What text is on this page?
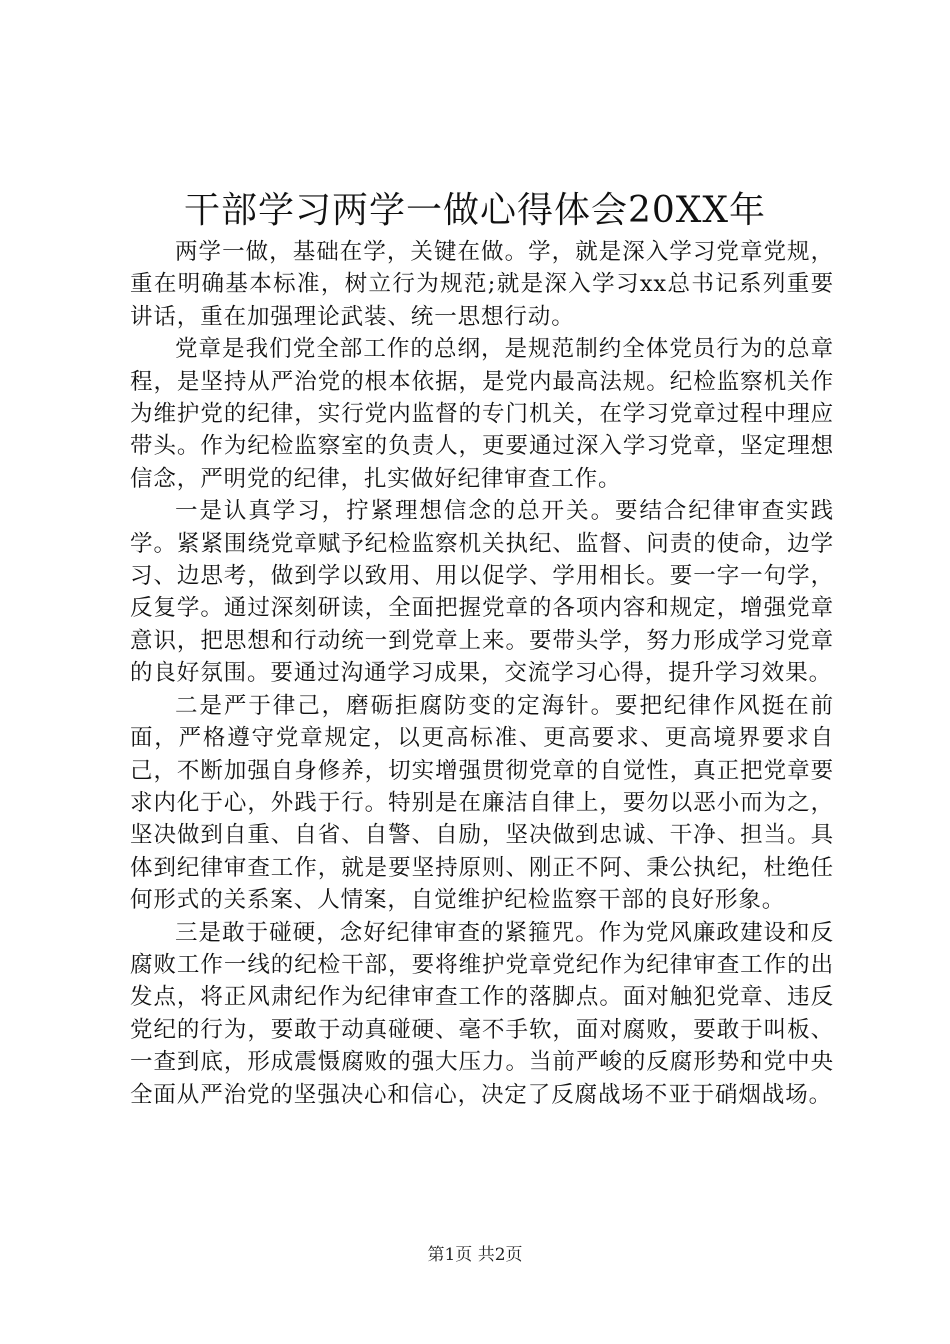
干部学习两学一做心得体会20XX年

两学一做，基础在学，关键在做。学，就是深入学习党章党规，重在明确基本标准，树立行为规范;就是深入学习xx总书记系列重要讲话，重在加强理论武装、统一思想行动。

党章是我们党全部工作的总纲，是规范制约全体党员行为的总章程，是坚持从严治党的根本依据，是党内最高法规。纪检监察机关作为维护党的纪律，实行党内监督的专门机关，在学习党章过程中理应带头。作为纪检监察室的负责人，更要通过深入学习党章，坚定理想信念，严明党的纪律，扎实做好纪律审查工作。

一是认真学习，拧紧理想信念的总开关。要结合纪律审查实践学。紧紧围绕党章赋予纪检监察机关执纪、监督、问责的使命，边学习、边思考，做到学以致用、用以促学、学用相长。要一字一句学，反复学。通过深刻研读，全面把握党章的各项内容和规定，增强党章意识，把思想和行动统一到党章上来。要带头学，努力形成学习党章的良好氛围。要通过沟通学习成果，交流学习心得，提升学习效果。

二是严于律己，磨砺拒腐防变的定海针。要把纪律作风挺在前面，严格遵守党章规定，以更高标准、更高要求、更高境界要求自己，不断加强自身修养，切实增强贯彻党章的自觉性，真正把党章要求内化于心，外践于行。特别是在廉洁自律上，要勿以恶小而为之，坚决做到自重、自省、自警、自励，坚决做到忠诚、干净、担当。具体到纪律审查工作，就是要坚持原则、刚正不阿、秉公执纪，杜绝任何形式的关系案、人情案，自觉维护纪检监察干部的良好形象。

三是敢于碰硬，念好纪律审查的紧箍咒。作为党风廉政建设和反腐败工作一线的纪检干部，要将维护党章党纪作为纪律审查工作的出发点，将正风肃纪作为纪律审查工作的落脚点。面对触犯党章、违反党纪的行为，要敢于动真碰硬、毫不手软，面对腐败，要敢于叫板、一查到底，形成震慑腐败的强大压力。当前严峻的反腐形势和党中央全面从严治党的坚强决心和信心，决定了反腐战场不亚于硝烟战场。

第1页 共2页
